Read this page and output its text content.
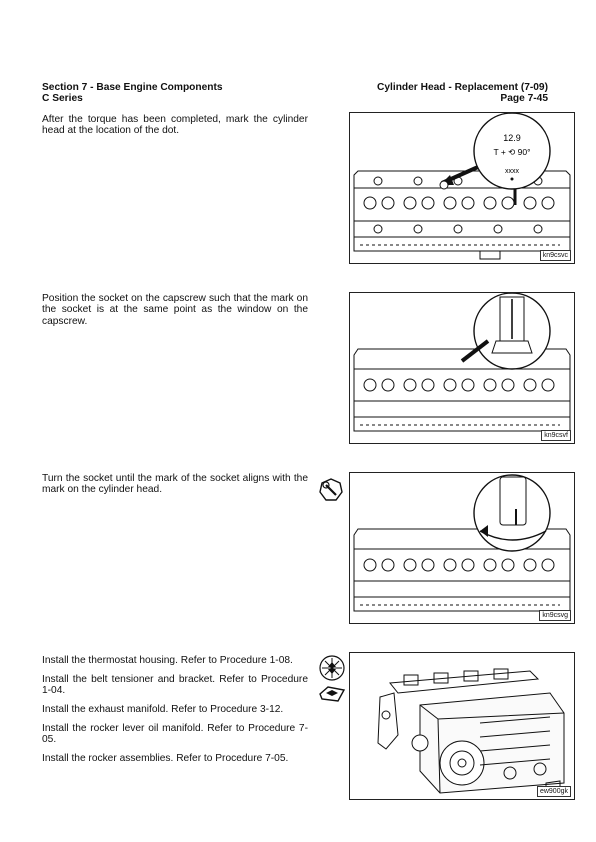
Section 7 - Base Engine Components
C Series
Cylinder Head - Replacement (7-09)
Page 7-45

After the torque has been completed, mark the cylinder head at the location of the dot.

12.9
T + ⟲ 90°
xxxx
kn9csvc

Position the socket on the capscrew such that the mark on the socket is at the same point as the window on the capscrew.

kn9csvf

Turn the socket until the mark of the socket aligns with the mark on the cylinder head.

kn9csvg
Install the thermostat housing. Refer to Procedure 1-08.
Install the belt tensioner and bracket. Refer to Procedure 1-04.
Install the exhaust manifold. Refer to Procedure 3-12.
Install the rocker lever oil manifold. Refer to Procedure 7-05.
Install the rocker assemblies. Refer to Procedure 7-05.
ew900gk
